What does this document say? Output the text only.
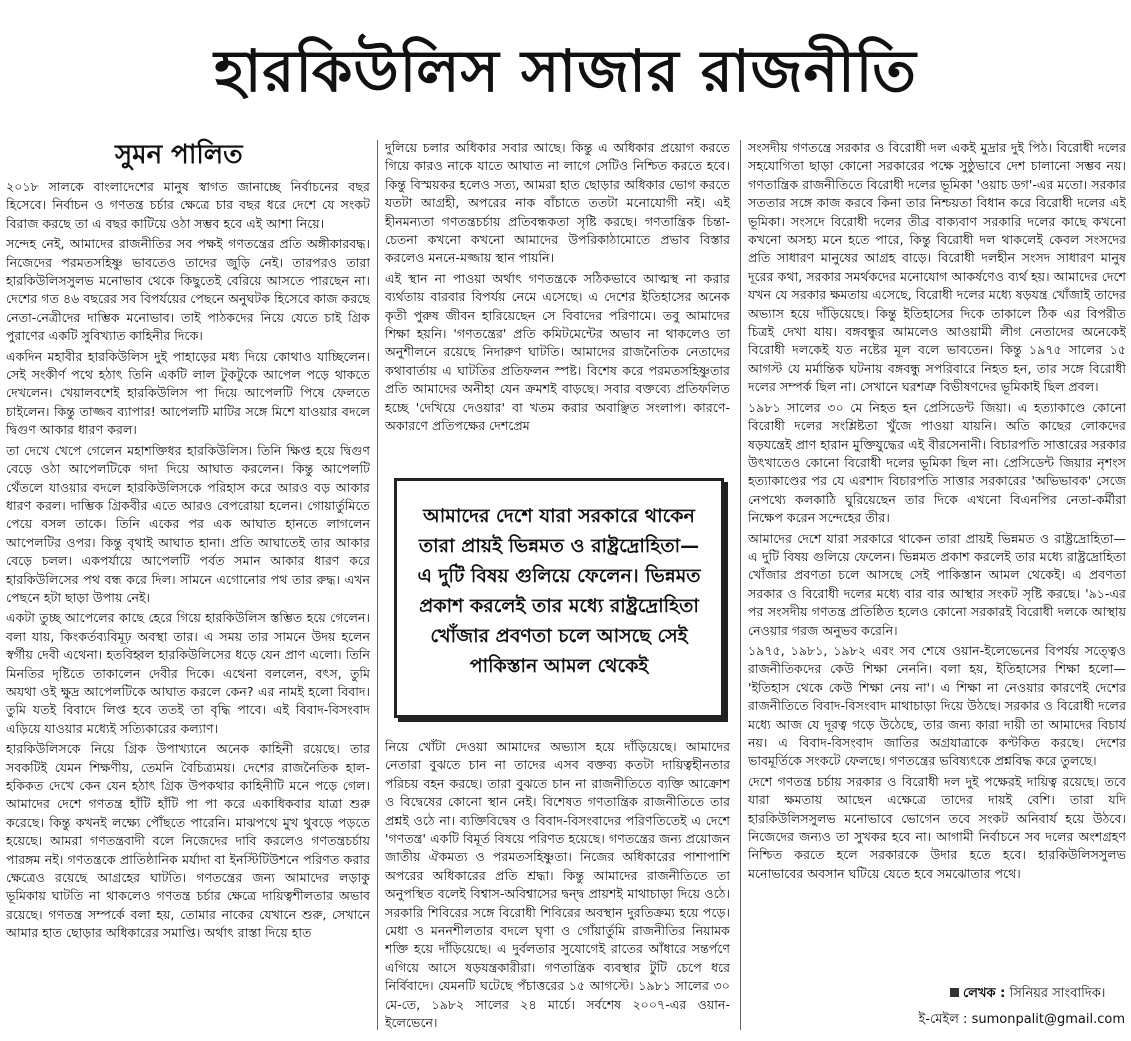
হারকিউলিস সাজার রাজনীতি
সুমন পালিত

২০১৮ সালকে বাংলাদেশের মানুষ স্বাগত জানাচ্ছে নির্বাচনের বছর হিসেবে। নির্বাচন ও গণতন্ত্র চর্চার ক্ষেত্রে চার বছর ধরে দেশে যে সংকট বিরাজ করছে তা এ বছর কাটিয়ে ওঠা সম্ভব হবে এই আশা নিয়ে।

সন্দেহ নেই, আমাদের রাজনীতির সব পক্ষই গণতন্ত্রের প্রতি অঙ্গীকারবদ্ধ। নিজেদের পরমতসহিষ্ণু ভাবতেও তাদের জুড়ি নেই। তারপরও তারা হারকিউলিসসুলভ মনোভাব থেকে কিছুতেই বেরিয়ে আসতে পারছেন না। দেশের গত ৪৬ বছরের সব বিপর্যয়ের পেছনে অনুঘটক হিসেবে কাজ করছে নেতা-নেত্রীদের দাম্ভিক মনোভাব। তাই পাঠকদের নিয়ে যেতে চাই গ্রিক পুরাণের একটি সুবিখ্যাত কাহিনীর দিকে।

একদিন মহাবীর হারকিউলিস দুই পাহাড়ের মধ্য দিয়ে কোথাও যাচ্ছিলেন। সেই সংকীর্ণ পথে হঠাৎ তিনি একটি লাল টুকটুকে আপেল পড়ে থাকতে দেখলেন। খেয়ালবশেই হারকিউলিস পা দিয়ে আপেলটি পিষে ফেলতে চাইলেন। কিন্তু তাজ্জব ব্যাপার! আপেলটি মাটির সঙ্গে মিশে যাওয়ার বদলে দ্বিগুণ আকার ধারণ করল।

তা দেখে খেপে গেলেন মহাশক্তিধর হারকিউলিস। তিনি ক্ষিপ্ত হয়ে দ্বিগুণ বেড়ে ওঠা আপেলটিকে গদা দিয়ে আঘাত করলেন। কিন্তু আপেলটি থেঁতলে যাওয়ার বদলে হারকিউলিসকে পরিহাস করে আরও বড় আকার ধারণ করল। দাম্ভিক গ্রিকবীর এতে আরও বেপরোয়া হলেন। গোয়ার্তুমিতে পেয়ে বসল তাকে। তিনি একের পর এক আঘাত হানতে লাগলেন আপেলটির ওপর। কিন্তু বৃথাই আঘাত হানা। প্রতি আঘাতেই তার আকার বেড়ে চলল। একপর্যায়ে আপেলটি পর্বত সমান আকার ধারণ করে হারকিউলিসের পথ বন্ধ করে দিল। সামনে এগোনোর পথ তার রুদ্ধ। এখন পেছনে হটা ছাড়া উপায় নেই।

একটা তুচ্ছ আপেলের কাছে হেরে গিয়ে হারকিউলিস স্তম্ভিত হয়ে গেলেন। বলা যায়, কিংকর্তব্যবিমূঢ় অবস্থা তার। এ সময় তার সামনে উদয় হলেন স্বর্গীয় দেবী এথেনা। হতবিহ্বল হারকিউলিসের ধড়ে যেন প্রাণ এলো। তিনি মিনতির দৃষ্টিতে তাকালেন দেবীর দিকে। এথেনা বললেন, বৎস, তুমি অযথা ওই ক্ষুদ্র আপেলটিকে আঘাত করলে কেন? এর নামই হলো বিবাদ। তুমি যতই বিবাদে লিপ্ত হবে ততই তা বৃদ্ধি পাবে। এই বিবাদ-বিসংবাদ এড়িয়ে যাওয়ার মধ্যেই সত্যিকারের কল্যাণ।

হারকিউলিসকে নিয়ে গ্রিক উপাখ্যানে অনেক কাহিনী রয়েছে। তার সবকটিই যেমন শিক্ষণীয়, তেমনি বৈচিত্র্যময়। দেশের রাজনৈতিক হাল-হকিকত দেখে কেন যেন হঠাৎ গ্রিক উপকথার কাহিনীটি মনে পড়ে গেল। আমাদের দেশে গণতন্ত্র হাঁটি হাঁটি পা পা করে একাধিকবার যাত্রা শুরু করেছে। কিন্তু কখনই লক্ষ্যে পৌঁছতে পারেনি। মাঝপথে মুখ থুবড়ে পড়তে হয়েছে। আমরা গণতন্ত্রবাদী বলে নিজেদের দাবি করলেও গণতন্ত্রচর্চায় পারঙ্গম নই। গণতন্ত্রকে প্রাতিষ্ঠানিক মর্যাদা বা ইনস্টিটিউশনে পরিণত করার ক্ষেত্রেও রয়েছে আগ্রহের ঘাটতি। গণতন্ত্রের জন্য আমাদের লড়াকু ভূমিকায় ঘাটতি না থাকলেও গণতন্ত্র চর্চার ক্ষেত্রে দায়িত্বশীলতার অভাব রয়েছে। গণতন্ত্র সম্পর্কে বলা হয়, তোমার নাকের যেখানে শুরু, সেখানে আমার হাত ছোড়ার অধিকারের সমাপ্তি। অর্থাৎ রাস্তা দিয়ে হাত

দুলিয়ে চলার অধিকার সবার আছে। কিন্তু এ অধিকার প্রয়োগ করতে গিয়ে কারও নাকে যাতে আঘাত না লাগে সেটিও নিশ্চিত করতে হবে। কিন্তু বিস্ময়কর হলেও সত্য, আমরা হাত ছোড়ার অধিকার ভোগ করতে যতটা আগ্রহী, অপরের নাক বাঁচাতে ততটা মনোযোগী নই। এই হীনমন্যতা গণতন্ত্রচর্চায় প্রতিবন্ধকতা সৃষ্টি করছে। গণতান্ত্রিক চিন্তা-চেতনা কখনো কখনো আমাদের উপরিকাঠামোতে প্রভাব বিস্তার করলেও মননে-মজ্জায় স্থান পায়নি।

এই স্থান না পাওয়া অর্থাৎ গণতন্ত্রকে সঠিকভাবে আত্মস্থ না করার ব্যর্থতায় বারবার বিপর্যয় নেমে এসেছে। এ দেশের ইতিহাসের অনেক কৃতী পুরুষ জীবন হারিয়েছেন সে বিবাদের পরিণামে। তবু আমাদের শিক্ষা হয়নি। 'গণতন্ত্রের' প্রতি কমিটমেন্টের অভাব না থাকলেও তা অনুশীলনে রয়েছে নিদারুণ ঘাটতি। আমাদের রাজনৈতিক নেতাদের কথাবার্তায় এ ঘাটতির প্রতিফলন স্পষ্ট। বিশেষ করে পরমতসহিষ্ণুতার প্রতি আমাদের অনীহা যেন ক্রমশই বাড়ছে। সবার বক্তব্যে প্রতিফলিত হচ্ছে 'দেখিয়ে দেওয়ার' বা খতম করার অবাঞ্ছিত সংলাপ। কারণে-অকারণে প্রতিপক্ষের দেশপ্রেম

আমাদের দেশে যারা সরকারে থাকেন তারা প্রায়ই ভিন্নমত ও রাষ্ট্রদ্রোহিতা— এ দুটি বিষয় গুলিয়ে ফেলেন। ভিন্নমত প্রকাশ করলেই তার মধ্যে রাষ্ট্রদ্রোহিতা খোঁজার প্রবণতা চলে আসছে সেই পাকিস্তান আমল থেকেই

নিয়ে খোঁটা দেওয়া আমাদের অভ্যাস হয়ে দাঁড়িয়েছে। আমাদের নেতারা বুঝতে চান না তাদের এসব বক্তব্য কতটা দায়িত্বহীনতার পরিচয় বহন করছে। তারা বুঝতে চান না রাজনীতিতে ব্যক্তি আক্রোশ ও বিদ্বেষের কোনো স্থান নেই। বিশেষত গণতান্ত্রিক রাজনীতিতে তার প্রশ্নই ওঠে না। ব্যক্তিবিদ্বেষ ও বিবাদ-বিসংবাদের পরিণতিতেই এ দেশে 'গণতন্ত্র' একটি বিমূর্ত বিষয়ে পরিণত হয়েছে। গণতন্ত্রের জন্য প্রয়োজন জাতীয় ঐকমত্য ও পরমতসহিষ্ণুতা। নিজের অধিকারের পাশাপাশি অপরের অধিকারের প্রতি শ্রদ্ধা। কিন্তু আমাদের রাজনীতিতে তা অনুপস্থিত বলেই বিশ্বাস-অবিশ্বাসের দ্বন্দ্ব প্রায়শই মাথাচাড়া দিয়ে ওঠে। সরকারি শিবিরের সঙ্গে বিরোধী শিবিরের অবস্থান দুরতিক্রম্য হয়ে পড়ে। মেধা ও মননশীলতার বদলে ঘৃণা ও গোঁয়ার্তুমি রাজনীতির নিয়ামক শক্তি হয়ে দাঁড়িয়েছে। এ দুর্বলতার সুযোগেই রাতের আঁধারে সন্তর্পণে এগিয়ে আসে ষড়যন্ত্রকারীরা। গণতান্ত্রিক ব্যবস্থার টুটি চেপে ধরে নির্বিবাদে। যেমনটি ঘটেছে পঁচাত্তরের ১৫ আগস্টে। ১৯৮১ সালের ৩০ মে-তে, ১৯৮২ সালের ২৪ মার্চে। সর্বশেষ ২০০৭-এর ওয়ান-ইলেভেনে।

সংসদীয় গণতন্ত্রে সরকার ও বিরোধী দল একই মুদ্রার দুই পিঠ। বিরোধী দলের সহযোগিতা ছাড়া কোনো সরকারের পক্ষে সুষ্ঠুভাবে দেশ চালানো সম্ভব নয়। গণতান্ত্রিক রাজনীতিতে বিরোধী দলের ভূমিকা 'ওয়াচ ডগ'-এর মতো। সরকার সততার সঙ্গে কাজ করবে কিনা তার নিশ্চয়তা বিধান করে বিরোধী দলের এই ভূমিকা। সংসদে বিরোধী দলের তীব্র বাক্যবাণ সরকারি দলের কাছে কখনো কখনো অসহ্য মনে হতে পারে, কিন্তু বিরোধী দল থাকলেই কেবল সংসদের প্রতি সাধারণ মানুষের আগ্রহ বাড়ে। বিরোধী দলহীন সংসদ সাধারণ মানুষ দূরের কথা, সরকার সমর্থকদের মনোযোগ আকর্ষণেও ব্যর্থ হয়। আমাদের দেশে যখন যে সরকার ক্ষমতায় এসেছে, বিরোধী দলের মধ্যে ষড়যন্ত্র খোঁজাই তাদের অভ্যাস হয়ে দাঁড়িয়েছে। কিন্তু ইতিহাসের দিকে তাকালে ঠিক এর বিপরীত চিত্রই দেখা যায়। বঙ্গবন্ধুর আমলেও আওয়ামী লীগ নেতাদের অনেকেই বিরোধী দলকেই যত নষ্টের মূল বলে ভাবতেন। কিন্তু ১৯৭৫ সালের ১৫ আগস্ট যে মর্মান্তিক ঘটনায় বঙ্গবন্ধু সপরিবারে নিহত হন, তার সঙ্গে বিরোধী দলের সম্পর্ক ছিল না। সেখানে ঘরশত্রু বিভীষণদের ভূমিকাই ছিল প্রবল।

১৯৮১ সালের ৩০ মে নিহত হন প্রেসিডেন্ট জিয়া। এ হত্যাকাণ্ডে কোনো বিরোধী দলের সংশ্লিষ্টতা খুঁজে পাওয়া যায়নি। অতি কাছের লোকদের ষড়যন্ত্রেই প্রাণ হারান মুক্তিযুদ্ধের এই বীরসেনানী। বিচারপতি সাত্তারের সরকার উৎখাতেও কোনো বিরোধী দলের ভূমিকা ছিল না। প্রেসিডেন্ট জিয়ার নৃশংস হত্যাকাণ্ডের পর যে এরশাদ বিচারপতি সাত্তার সরকারের 'অভিভাবক' সেজে নেপথ্যে কলকাঠি ঘুরিয়েছেন তার দিকে এখনো বিএনপির নেতা-কর্মীরা নিক্ষেপ করেন সন্দেহের তীর।

আমাদের দেশে যারা সরকারে থাকেন তারা প্রায়ই ভিন্নমত ও রাষ্ট্রদ্রোহিতা— এ দুটি বিষয় গুলিয়ে ফেলেন। ভিন্নমত প্রকাশ করলেই তার মধ্যে রাষ্ট্রদ্রোহিতা খোঁজার প্রবণতা চলে আসছে সেই পাকিস্তান আমল থেকেই। এ প্রবণতা সরকার ও বিরোধী দলের মধ্যে বার বার আস্থার সংকট সৃষ্টি করছে। '৯১-এর পর সংসদীয় গণতন্ত্র প্রতিষ্ঠিত হলেও কোনো সরকারই বিরোধী দলকে আস্থায় নেওয়ার গরজ অনুভব করেনি।

১৯৭৫, ১৯৮১, ১৯৮২ এবং সব শেষে ওয়ান-ইলেভেনের বিপর্যয় সত্ত্বেও রাজনীতিকদের কেউ শিক্ষা নেননি। বলা হয়, ইতিহাসের শিক্ষা হলো— 'ইতিহাস থেকে কেউ শিক্ষা নেয় না'। এ শিক্ষা না নেওয়ার কারণেই দেশের রাজনীতিতে বিবাদ-বিসংবাদ মাথাচাড়া দিয়ে উঠছে। সরকার ও বিরোধী দলের মধ্যে আজ যে দূরত্ব গড়ে উঠেছে, তার জন্য কারা দায়ী তা আমাদের বিচার্য নয়। এ বিবাদ-বিসংবাদ জাতির অগ্রযাত্রাকে কণ্টকিত করছে। দেশের ভাবমূর্তিকে সংকটে ফেলছে। গণতন্ত্রের ভবিষ্যৎকে প্রশ্নবিদ্ধ করে তুলছে।

দেশে গণতন্ত্র চর্চায় সরকার ও বিরোধী দল দুই পক্ষেরই দায়িত্ব রয়েছে। তবে যারা ক্ষমতায় আছেন এক্ষেত্রে তাদের দায়ই বেশি। তারা যদি হারকিউলিসসুলভ মনোভাবে ভোগেন তবে সংকট অনিবার্য হয়ে উঠবে। নিজেদের জন্যও তা সুখকর হবে না। আগামী নির্বাচনে সব দলের অংশগ্রহণ নিশ্চিত করতে হলে সরকারকে উদার হতে হবে। হারকিউলিসসুলভ মনোভাবের অবসান ঘটিয়ে যেতে হবে সমঝোতার পথে।

লেখক : সিনিয়র সাংবাদিক।
ই-মেইল : sumonpalit@gmail.com
